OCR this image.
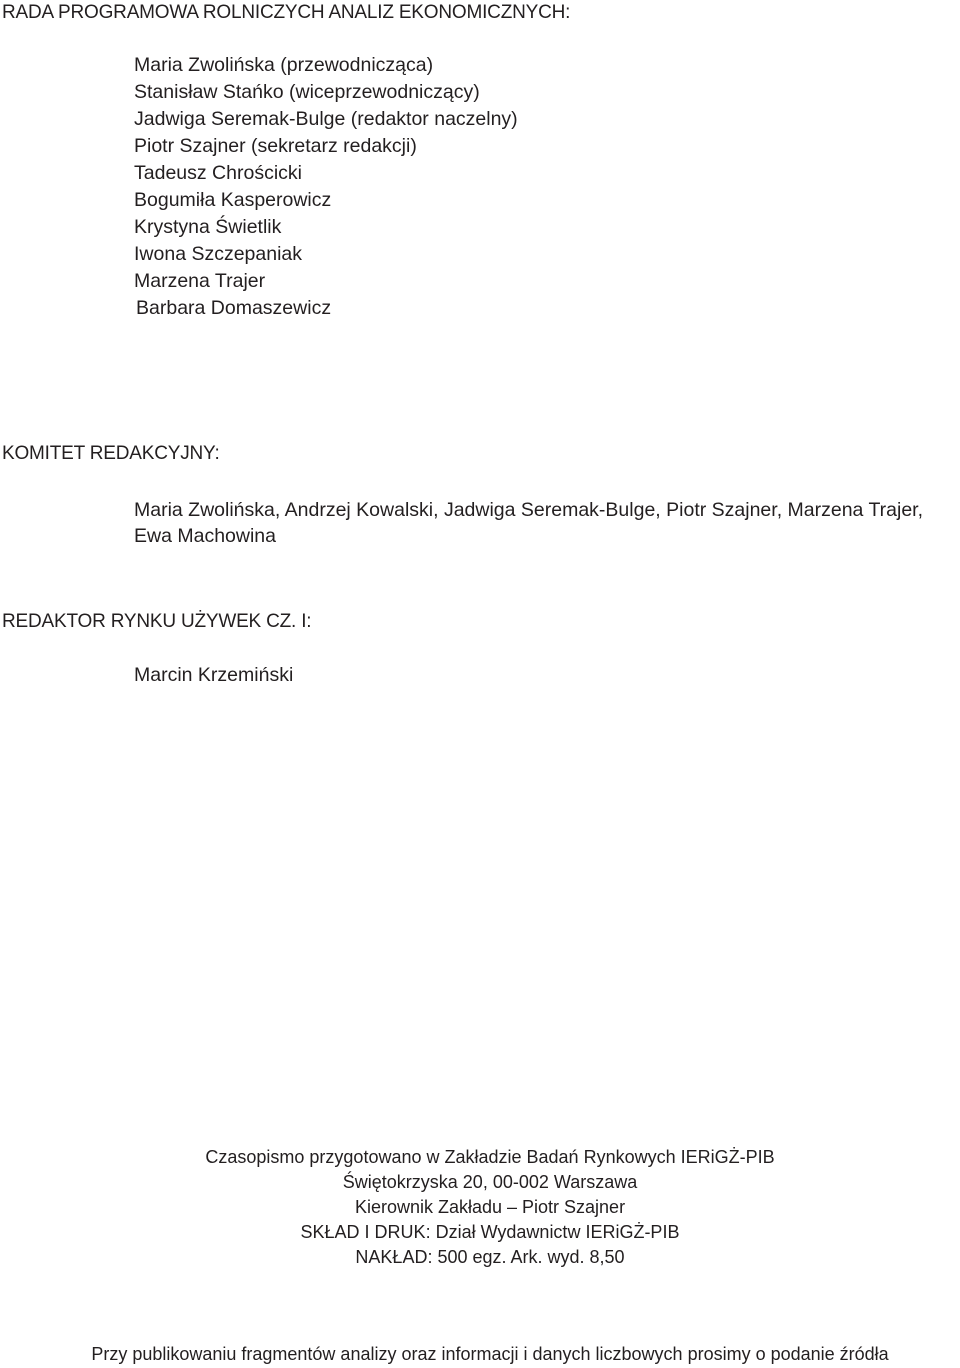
RADA PROGRAMOWA ROLNICZYCH ANALIZ EKONOMICZNYCH:
Maria Zwolińska (przewodnicząca)
Stanisław Stańko (wiceprzewodniczący)
Jadwiga Seremak-Bulge (redaktor naczelny)
Piotr Szajner (sekretarz redakcji)
Tadeusz Chrościcki
Bogumiła Kasperowicz
Krystyna Świetlik
Iwona Szczepaniak
Marzena Trajer
Barbara Domaszewicz
KOMITET REDAKCYJNY:

Maria Zwolińska, Andrzej Kowalski, Jadwiga Seremak-Bulge, Piotr Szajner, Marzena Trajer, Ewa Machowina

REDAKTOR RYNKU UŻYWEK CZ. I:

Marcin Krzemiński

Czasopismo przygotowano w Zakładzie Badań Rynkowych IERiGŻ-PIB
Świętokrzyska 20, 00-002 Warszawa
Kierownik Zakładu – Piotr Szajner
SKŁAD I DRUK: Dział Wydawnictw IERiGŻ-PIB
NAKŁAD: 500 egz. Ark. wyd. 8,50
Przy publikowaniu fragmentów analizy oraz informacji i danych liczbowych prosimy o podanie źródła
